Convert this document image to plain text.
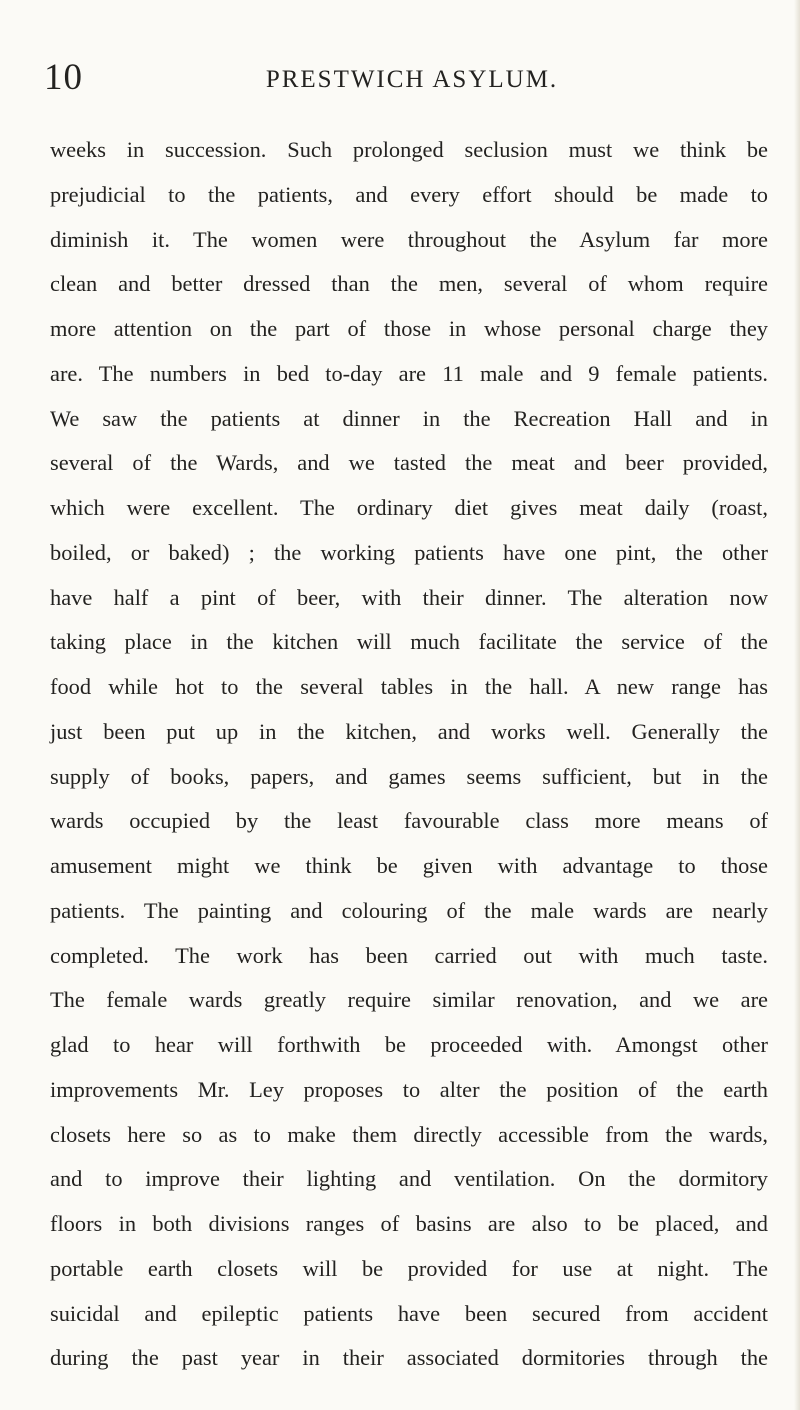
10	PRESTWICH ASYLUM.
weeks in succession. Such prolonged seclusion must we think be
prejudicial to the patients, and every effort should be made to
diminish it. The women were throughout the Asylum far more
clean and better dressed than the men, several of whom require
more attention on the part of those in whose personal charge they
are. The numbers in bed to-day are 11 male and 9 female patients.
We saw the patients at dinner in the Recreation Hall and in
several of the Wards, and we tasted the meat and beer provided,
which were excellent. The ordinary diet gives meat daily (roast,
boiled, or baked) ; the working patients have one pint, the other
have half a pint of beer, with their dinner. The alteration now
taking place in the kitchen will much facilitate the service of the
food while hot to the several tables in the hall. A new range has
just been put up in the kitchen, and works well. Generally the
supply of books, papers, and games seems sufficient, but in the
wards occupied by the least favourable class more means of
amusement might we think be given with advantage to those
patients. The painting and colouring of the male wards are nearly
completed. The work has been carried out with much taste.
The female wards greatly require similar renovation, and we are
glad to hear will forthwith be proceeded with. Amongst other
improvements Mr. Ley proposes to alter the position of the earth
closets here so as to make them directly accessible from the wards,
and to improve their lighting and ventilation. On the dormitory
floors in both divisions ranges of basins are also to be placed, and
portable earth closets will be provided for use at night. The
suicidal and epileptic patients have been secured from accident
during the past year in their associated dormitories through the
